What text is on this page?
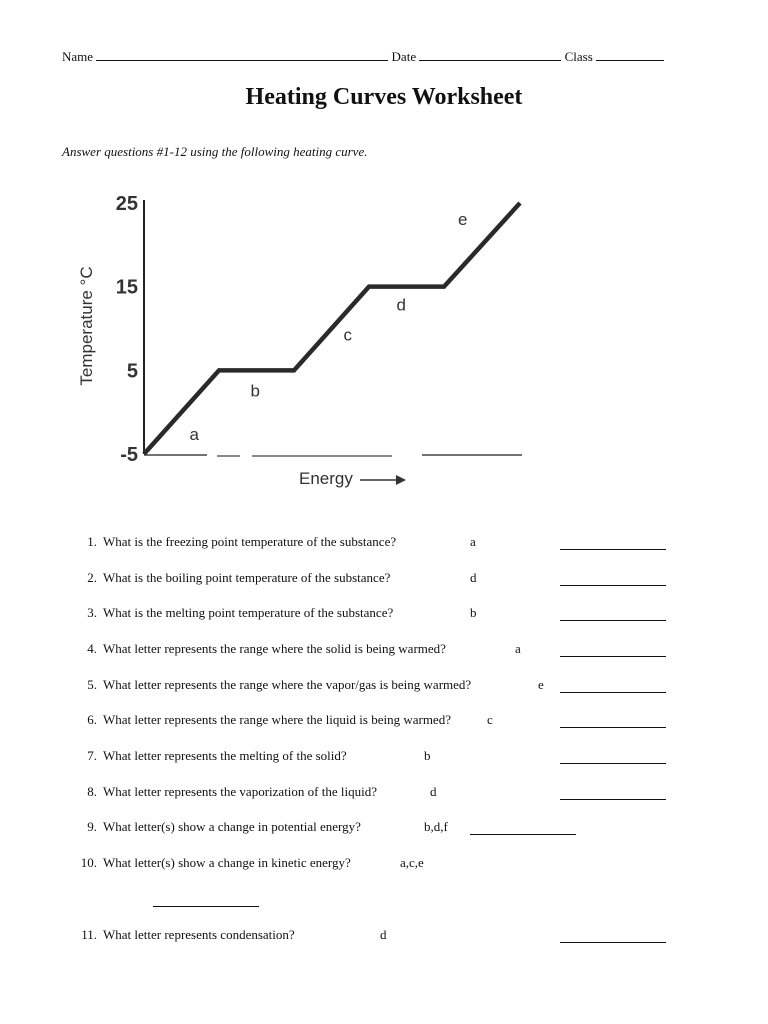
Name	Date	Class
Heating Curves Worksheet
Answer questions #1-12 using the following heating curve.
Temperature °C
25
15
5
-5
Energy
a
b
c
d
e
1. What is the freezing point temperature of the substance?	a
2. What is the boiling point temperature of the substance?	d
3. What is the melting point temperature of the substance?	b
4. What letter represents the range where the solid is being warmed?	a
5. What letter represents the range where the vapor/gas is being warmed?	e
6. What letter represents the range where the liquid is being warmed?	c
7. What letter represents the melting of the solid?	b
8. What letter represents the vaporization of the liquid?	d
9. What letter(s) show a change in potential energy?	b,d,f
10. What letter(s) show a change in kinetic energy?	a,c,e
11. What letter represents condensation?	d
